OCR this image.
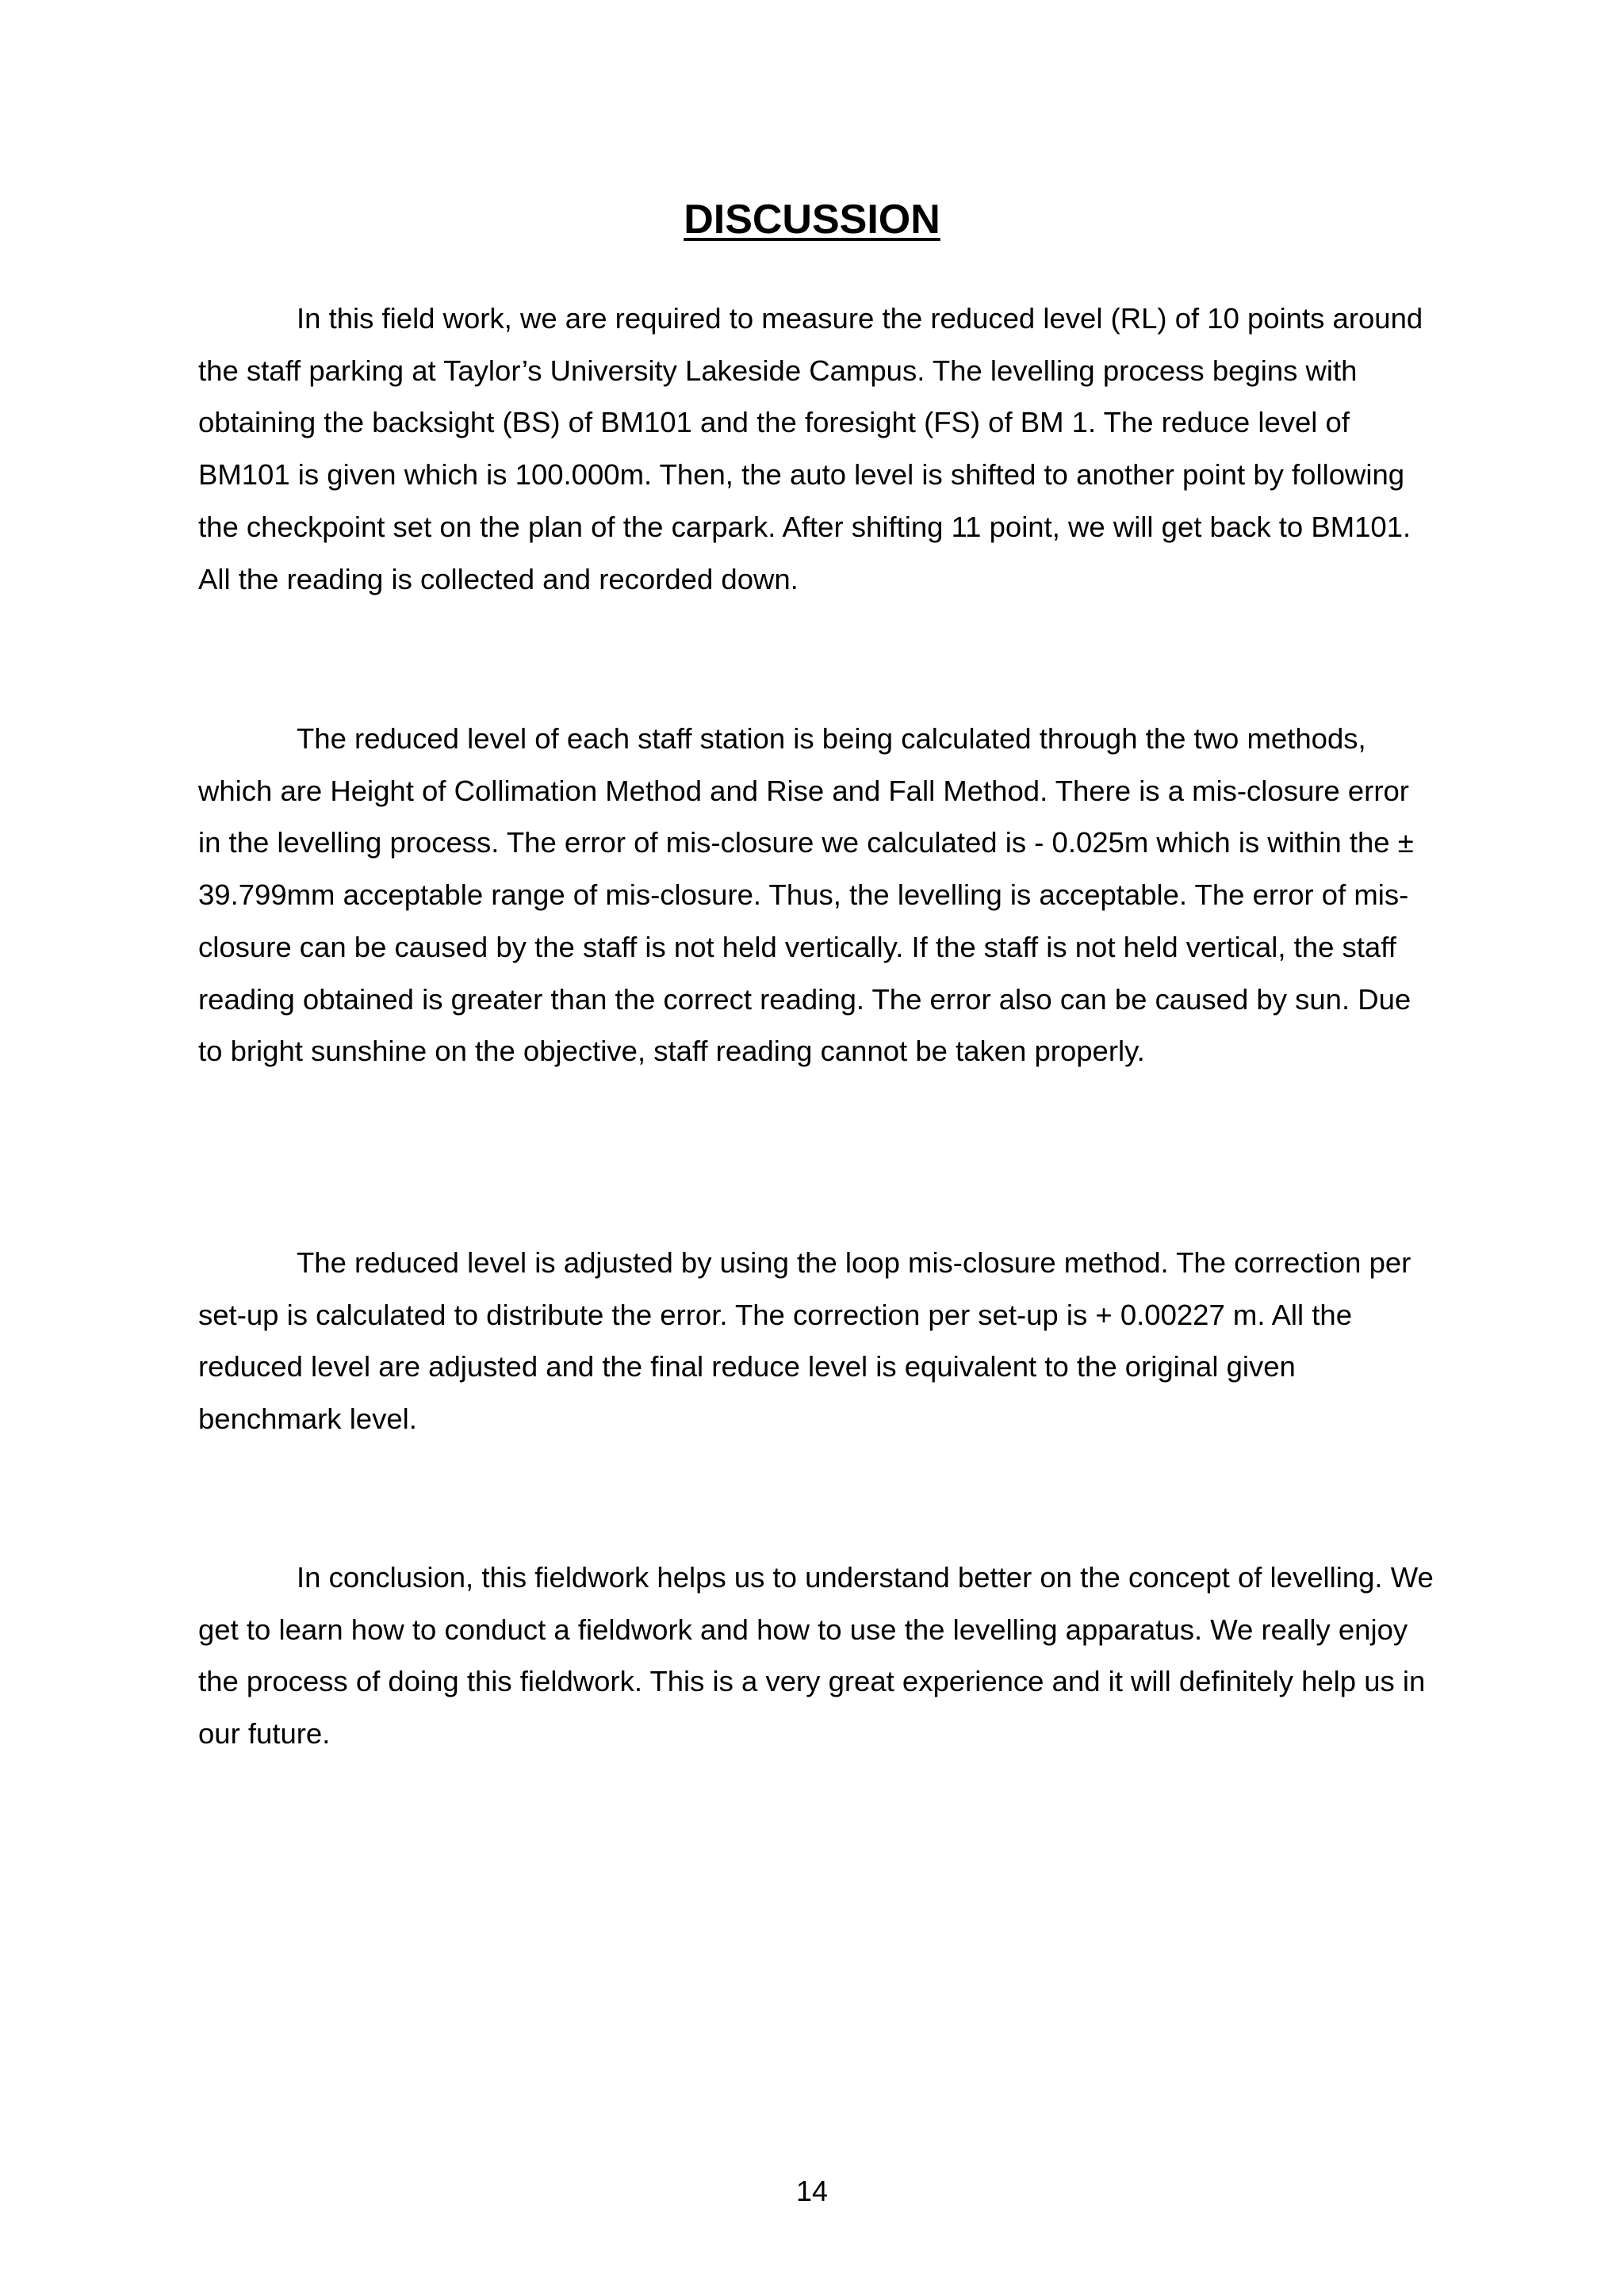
DISCUSSION

In this field work, we are required to measure the reduced level (RL) of 10 points around the staff parking at Taylor’s University Lakeside Campus. The levelling process begins with obtaining the backsight (BS) of BM101 and the foresight (FS) of BM 1. The reduce level of BM101 is given which is 100.000m. Then, the auto level is shifted to another point by following the checkpoint set on the plan of the carpark. After shifting 11 point, we will get back to BM101. All the reading is collected and recorded down.

The reduced level of each staff station is being calculated through the two methods, which are Height of Collimation Method and Rise and Fall Method. There is a mis-closure error in the levelling process. The error of mis-closure we calculated is - 0.025m which is within the ± 39.799mm acceptable range of mis-closure. Thus, the levelling is acceptable. The error of mis-closure can be caused by the staff is not held vertically. If the staff is not held vertical, the staff reading obtained is greater than the correct reading. The error also can be caused by sun. Due to bright sunshine on the objective, staff reading cannot be taken properly.

The reduced level is adjusted by using the loop mis-closure method. The correction per set-up is calculated to distribute the error. The correction per set-up is + 0.00227 m. All the reduced level are adjusted and the final reduce level is equivalent to the original given benchmark level.

In conclusion, this fieldwork helps us to understand better on the concept of levelling. We get to learn how to conduct a fieldwork and how to use the levelling apparatus. We really enjoy the process of doing this fieldwork. This is a very great experience and it will definitely help us in our future.

14
